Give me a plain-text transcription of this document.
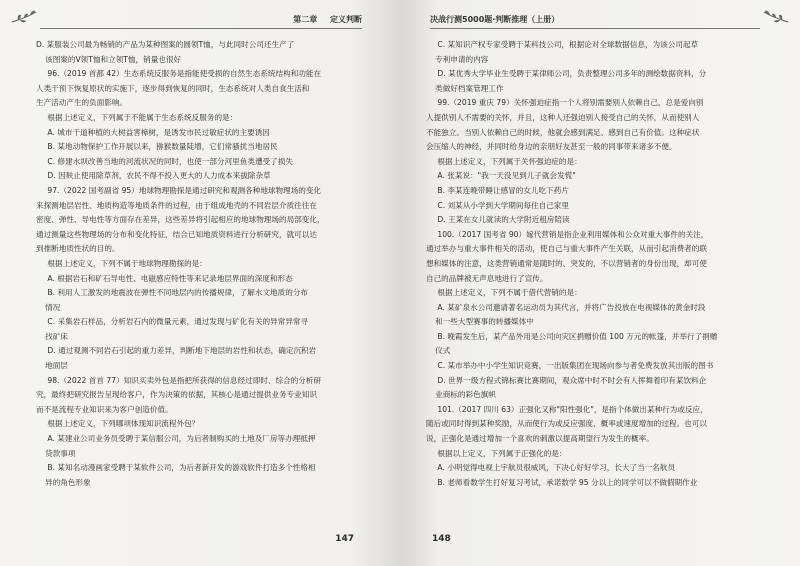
第二章 定义判断

D. 某服装公司最为畅销的产品为某种图案的圆领T恤，与此同时公司还生产了

该图案的V领T恤和立领T恤，销量也很好

96.（2019 首都 42）生态系统反服务是指能使受损的自然生态系统结构和功能在

人类干预下恢复原状的实施下，逐步得到恢复的同时，生态系统对人类自食生活和

生产活动产生的负面影响。

根据上述定义，下列属于不能属于生态系统反服务的是：

A. 城市干道种植的大树益害樟树，是诱发市民过敏症状的主要诱因

B. 某地动物保护工作开展以来，猕猴数量陡增，它们常骚扰当地居民

C. 修建水坝改善当地的河流状况的同时，也使一部分河里鱼类遭受了损失

D. 因麸止使用除草剂，农民不得不投入更大的人力成本来拔除杂草

97.（2022 国考副省 95）地球物理勘探是通过研究和观测各种地球物理场的变化

来探测地层岩性、地质构造等地质条件的过程，由于组成地壳的不同岩层介质往往在

密度、弹性、导电性等方面存在差异，这些差异将引起相应的地球物理场的局部变化，

通过测量这些物理场的分布和变化特征，结合已知地质资料进行分析研究，就可以达

到推断地质性状的目的。

根据上述定义，下列不属于地球物理勘探的是：

A. 根据岩石和矿石导电性、电磁感应特性等来记录地层界面的深度和形态

B. 利用人工激发的地震波在弹性不同地层内的传播规律，了解水文地质的分布

情况

C. 采集岩石样品，分析岩石内的微量元素，通过发现与矿化有关的异常异常寻

找矿床

D. 通过观测不同岩石引起的重力差异，判断地下地层的岩性和状态，确定沉积岩

地面层

98.（2022 首首 77）知识买卖外包是指把所获得的信息经过即时、综合的分析研

究，最终把研究报告呈现给客户，作为决策的依据，其核心是通过提供业务专业知识

而不是流程专业知识来为客户创造价值。

根据上述定义，下列哪项体现知识流程外包？

A. 某建业公司业务员受聘于某信服公司，为后者制购买的土地及厂房等办理抵押

贷款事项

B. 某知名动漫画家受聘于某软件公司，为后者新开发的游戏软件打造多个性格相

异的角色形象

147
决战行测5000题·判断推理（上册）

C. 某知识产权专家受聘于某科技公司，根据论对全球数据信息，为该公司起草

专利申请的内容

D. 某优秀大学毕业生受聘于某律师公司，负责整理公司多年的测绘数据资料，分

类做好档案管理工作

99.（2019 重庆 79）关怀强迫症指一个人将别需要别人依赖自己，总是爱向别

人提供别人不需要的关怀，并且，这种人还强迫别人接受自己的关怀，从而使别人

不能独立。当别人依赖自己的时候，他就会感到满足、感到自己有价值。这种症状

会压缩人的神经，并同时给身边的亲朋好友甚至一般的同事带来诸多不便。

根据上述定义，下列属于关怀强迫症的是：

A. 张某说："我一天没见到儿子就会发慌"

B. 李某连晚带睡让感冒的女儿吃下药片

C. 刘某从小学到大学期间每住自己家里

D. 王某在女儿就读的大学附近租房陪读

100.（2017 国考省 90）嫁代营销是指企业利用媒体和公众对重大事件的关注，

通过举办与重大事件相关的活动，使自己与重大事件产生关联，从而引起消费者的联

想和媒体的注意，这类营销通常是随时的、突发的，不以营销者的身份出现，却可使

自己的品牌被无声息地进行了宣传。

根据上述定义，下列不属于借代营销的是：

A. 某矿泉水公司邀请著名运动员为其代言，并将广告投放在电视媒体的黄金时段

和一些大型赛事的转播媒体中

B. 晚霞发生后，某产品外用是公司向灾区捐赠价值 100 万元的帐篷，并举行了捐赠

仪式

C. 某市举办中小学生知识竞赛，一出版集团在现场向参与者免费发放其出版的图书

D. 世界一级方程式锦标赛比赛期间，观众席中时不时会有人挥舞着印有某饮料企

业商标的彩色旗帜

101.（2017 四川 63）正强化又称"阳性强化"，是指个体做出某种行为或反应，

随后或同时得到某种奖励，从而使行为或反应强度、概率或速度增加的过程。也可以

说，正强化是通过增加一个喜欢的刺激以提高期望行为发生的概率。

根据以上定义，下列属于正强化的是：

A. 小明觉得电视上宇航员很威风，下决心好好学习，长大了当一名航员

B. 老师看数学生打好复习考试，承诺数学 95 分以上的同学可以不做假期作业

148
